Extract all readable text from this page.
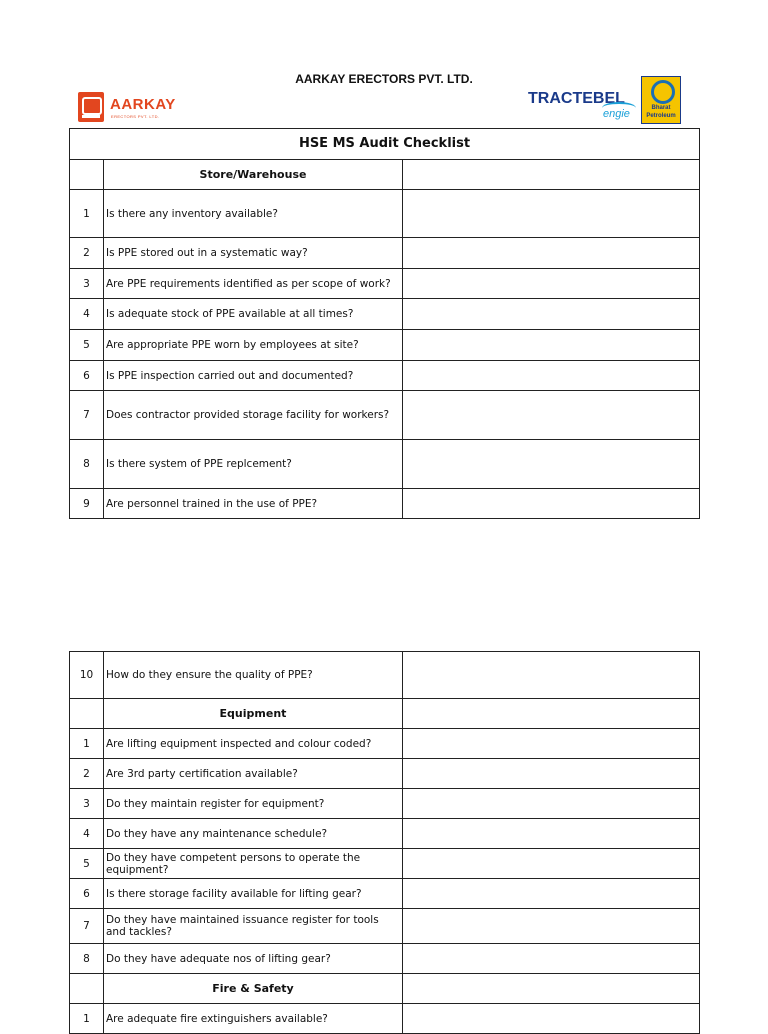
AARKAY ERECTORS PVT. LTD.
AARKAY
ERECTORS PVT. LTD.
TRACTEBEL
engie	Bharat
Petroleum
HSE MS Audit Checklist		
	Store/Warehouse	
1	Is there any inventory available?	
2	Is PPE stored out in a systematic way?	
3	Are PPE requirements identified as per scope of work?	
4	Is adequate stock of PPE available at all times?	
5	Are appropriate PPE worn by employees at site?	
6	Is PPE inspection carried out and documented?	
7	Does contractor provided storage facility for workers?	
8	Is there system of PPE replcement?	
9	Are personnel trained in the use of PPE?	
10	How do they ensure the quality of PPE?	
	Equipment	
1	Are lifting equipment inspected and colour coded?	
2	Are 3rd party certification available?	
3	Do they maintain register for equipment?	
4	Do they have any maintenance schedule?	
5	Do they have competent persons to operate the equipment?	
6	Is there storage facility available for lifting gear?	
7	Do they have maintained issuance register for tools and tackles?	
8	Do they have adequate nos of lifting gear?	
	Fire & Safety	
1	Are adequate fire extinguishers available?	
